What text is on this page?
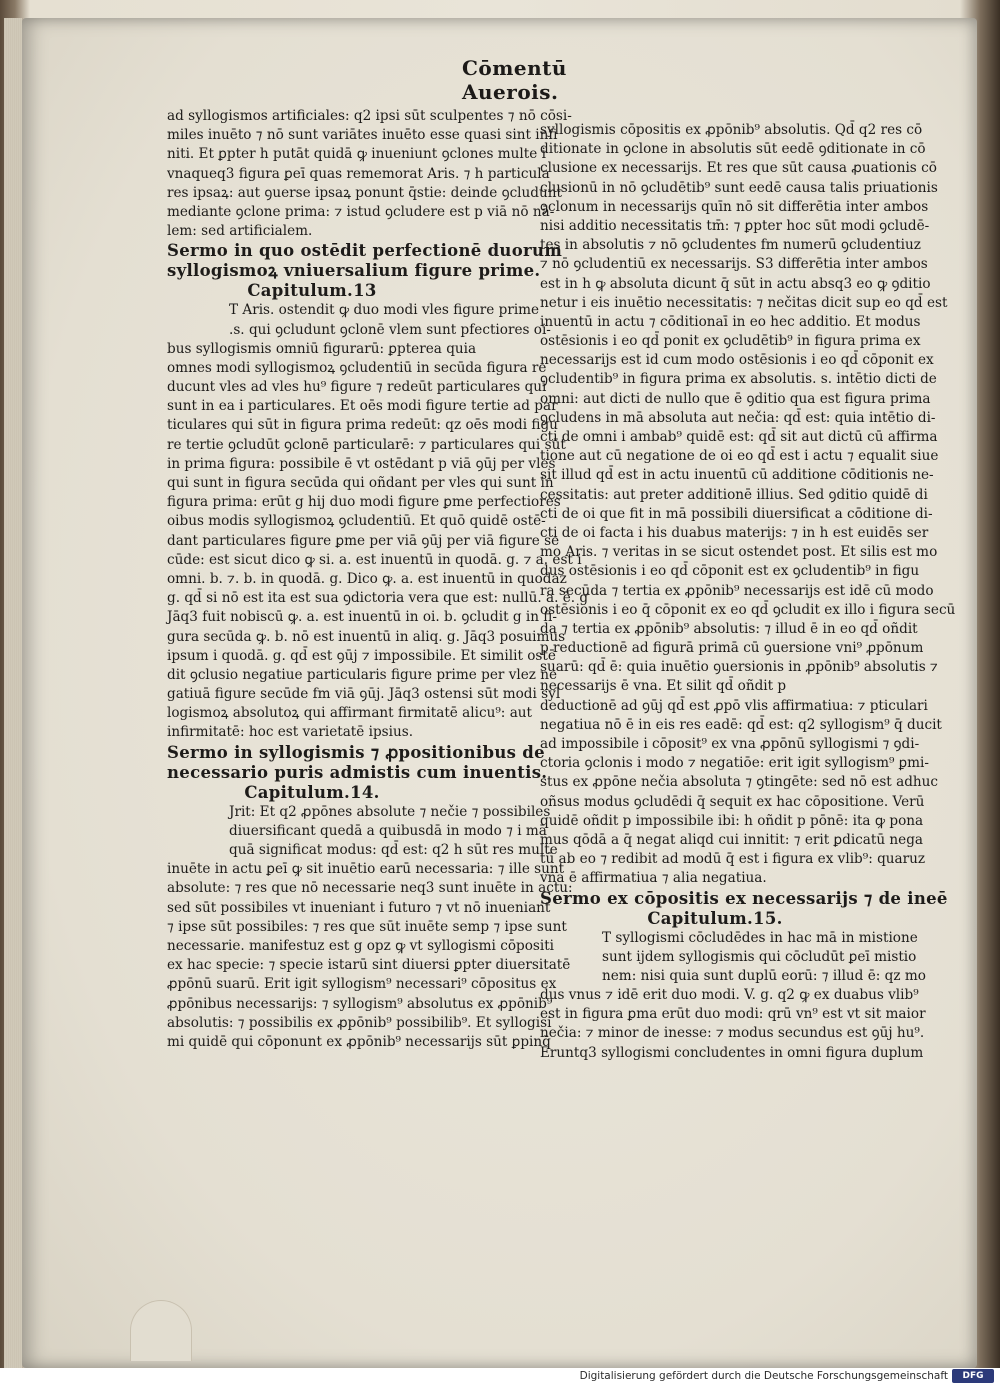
Cōmentū Auerois.
ad syllogismos artificiales: q2 ipsi sūt sculpentes ⁊ nō cōsi-
miles inuēto ⁊ nō sunt variātes inuēto esse quasi sint infi
niti. Et ꝑpter h putāt quidā ꝙ inueniunt ꝯclones multe i
vnaqueq3 figura ꝑeī quas rememorat Aris. ⁊ h particula
res ipsaꝝ: aut ꝯuerse ipsaꝝ ponunt q̄stie: deinde ꝯcludunt
mediante ꝯclone prima: ⁊ istud ꝯcludere est p viā nō nā-
lem: sed artificialem.
Sermo in quo ostēdit perfectionē duorum
syllogismoꝝ vniuersalium figure prime.
Capitulum.13
T Aris. ostendit ꝙ duo modi vles figure prime
.s. qui ꝯcludunt ꝯclonē vlem sunt pfectiores oi-
bus syllogismis omniū figurarū: ꝑpterea quia
omnes modi syllogismoꝝ ꝯcludentiū in secūda figura re
ducunt vles ad vles hu⁹ figure ⁊ redeūt particulares qui
sunt in ea i particulares. Et oēs modi figure tertie ad par
ticulares qui sūt in figura prima redeūt: qz oēs modi figu
re tertie ꝯcludūt ꝯclonē particularē: ⁊ particulares qui sūt
in prima figura: possibile ē vt ostēdant p viā ꝯūj per vles
qui sunt in figura secūda qui oñdant per vles qui sunt in
figura prima: erūt g hij duo modi figure ꝑme perfectiores
oibus modis syllogismoꝝ ꝯcludentiū. Et quō quidē ostē-
dant particulares figure ꝑme per viā ꝯūj per viā figure se
cūde: est sicut dico ꝙ si. a. est inuentū in quodā. g. ⁊ a. est i
omni. b. ⁊. b. in quodā. g. Dico ꝙ. a. est inuentū in quodaz
g. qd̄ si nō est ita est sua ꝯdictoria vera que est: nullū. a. ē. g
Jāq3 fuit nobiscū ꝙ. a. est inuentū in oi. b. ꝯcludit g in fi-
gura secūda ꝙ. b. nō est inuentū in aliq. g. Jāq3 posuimus
ipsum i quodā. g. qd̄ est ꝯūj ⁊ impossibile. Et similit ostē
dit ꝯclusio negatiue particularis figure prime per vlez ne
gatiuā figure secūde fm viā ꝯūj. Jāq3 ostensi sūt modi syl
logismoꝝ absolutoꝝ qui affirmant firmitatē alicu⁹: aut
infirmitatē: hoc est varietatē ipsius.
Sermo in syllogismis ⁊ ꝓpositionibus de
necessario puris admistis cum inuentis.
Capitulum.14.
Jrit: Et q2 ꝓpōnes absolute ⁊ nečie ⁊ possibiles
diuersificant quedā a quibusdā in modo ⁊ i mā
quā significat modus: qd̄ est: q2 h sūt res multe
inuēte in actu ꝑeī ꝙ sit inuētio earū necessaria: ⁊ ille sunt
absolute: ⁊ res que nō necessarie neq3 sunt inuēte in actu:
sed sūt possibiles vt inueniant i futuro ⁊ vt nō inueniant
⁊ ipse sūt possibiles: ⁊ res que sūt inuēte semp ⁊ ipse sunt
necessarie. manifestuz est g opz ꝙ vt syllogismi cōpositi
ex hac specie: ⁊ specie istarū sint diuersi ꝑpter diuersitatē
ꝓpōnū suarū. Erit igit syllogism⁹ necessari⁹ cōpositus ex
ꝓpōnibus necessarijs: ⁊ syllogism⁹ absolutus ex ꝓpōnib⁹
absolutis: ⁊ possibilis ex ꝓpōnib⁹ possibilib⁹. Et syllogisi
mi quidē qui cōponunt ex ꝓpōnib⁹ necessarijs sūt ꝑpinq̄
syllogismis cōpositis ex ꝓpōnib⁹ absolutis. Qd̄ q2 res cō
ditionate in ꝯclone in absolutis sūt eedē ꝯditionate in cō
clusione ex necessarijs. Et res que sūt causa ꝓuationis cō
clusionū in nō ꝯcludētib⁹ sunt eedē causa talis priuationis
ꝯclonum in necessarijs quīn nō sit differētia inter ambos
nisi additio necessitatis tm̄: ⁊ ꝑpter hoc sūt modi ꝯcludē-
tes in absolutis ⁊ nō ꝯcludentes fm numerū ꝯcludentiuz
⁊ nō ꝯcludentiū ex necessarijs. S3 differētia inter ambos
est in h ꝙ absoluta dicunt q̄ sūt in actu absq3 eo ꝙ ꝯditio
netur i eis inuētio necessitatis: ⁊ nečitas dicit sup eo qd̄ est
inuentū in actu ⁊ cōditionaī in eo hec additio. Et modus
ostēsionis i eo qd̄ ponit ex ꝯcludētib⁹ in figura prima ex
necessarijs est id cum modo ostēsionis i eo qd̄ cōponit ex
ꝯcludentib⁹ in figura prima ex absolutis. s. intētio dicti de
omni: aut dicti de nullo que ē ꝯditio qua est figura prima
ꝯcludens in mā absoluta aut nečia: qd̄ est: quia intētio di-
cti de omni i ambab⁹ quidē est: qd̄ sit aut dictū cū affirma
tione aut cū negatione de oi eo qd̄ est i actu ⁊ equalit siue
sit illud qd̄ est in actu inuentū cū additione cōditionis ne-
cessitatis: aut preter additionē illius. Sed ꝯditio quidē di
cti de oi que fit in mā possibili diuersificat a cōditione di-
cti de oi facta i his duabus materijs: ⁊ in h est euidēs ser
mo Aris. ⁊ veritas in se sicut ostendet post. Et silis est mo
dus ostēsionis i eo qd̄ cōponit est ex ꝯcludentib⁹ in figu
ra secūda ⁊ tertia ex ꝓpōnib⁹ necessarijs est idē cū modo
ostēsionis i eo q̄ cōponit ex eo qd̄ ꝯcludit ex illo i figura secū
da ⁊ tertia ex ꝓpōnib⁹ absolutis: ⁊ illud ē in eo qd̄ oñdit
p reductionē ad figurā primā cū ꝯuersione vni⁹ ꝓpōnum
suarū: qd̄ ē: quia inuētio ꝯuersionis in ꝓpōnib⁹ absolutis ⁊
necessarijs ē vna. Et silit qd̄ oñdit p
deductionē ad ꝯūj qd̄ est ꝓpō vlis affirmatiua: ⁊ pticulari
negatiua nō ē in eis res eadē: qd̄ est: q2 syllogism⁹ q̄ ducit
ad impossibile i cōposit⁹ ex vna ꝓpōnū syllogismi ⁊ ꝯdi-
ctoria ꝯclonis i modo ⁊ negatiōe: erit igit syllogism⁹ ꝑmi-
stus ex ꝓpōne nečia absoluta ⁊ ꝯtingēte: sed nō est adhuc
oñsus modus ꝯcludēdi q̄ sequit ex hac cōpositione. Verū
quidē oñdit p impossibile ibi: h oñdit p pōnē: ita ꝙ pona
mus qōdā a q̄ negat aliqd cui innitit: ⁊ erit ꝑdicatū nega
tū ab eo ⁊ redibit ad modū q̄ est i figura ex vlib⁹: quaruz
vna ē affirmatiua ⁊ alia negatiua.
Sermo ex cōpositis ex necessarijs ⁊ de ineē
Capitulum.15.
T syllogismi cōcludēdes in hac mā in mistione
sunt ijdem syllogismis qui cōcludūt ꝑeī mistio
nem: nisi quia sunt duplū eorū: ⁊ illud ē: qz mo
dus vnus ⁊ idē erit duo modi. V. g. q2 ꝙ ex duabus vlib⁹
est in figura ꝑma erūt duo modi: qrū vn⁹ est vt sit maior
nečia: ⁊ minor de inesse: ⁊ modus secundus est ꝯūj hu⁹.
Eruntq3 syllogismi concludentes in omni figura duplum
Digitalisierung gefördert durch die Deutsche Forschungsgemeinschaft	DFG
